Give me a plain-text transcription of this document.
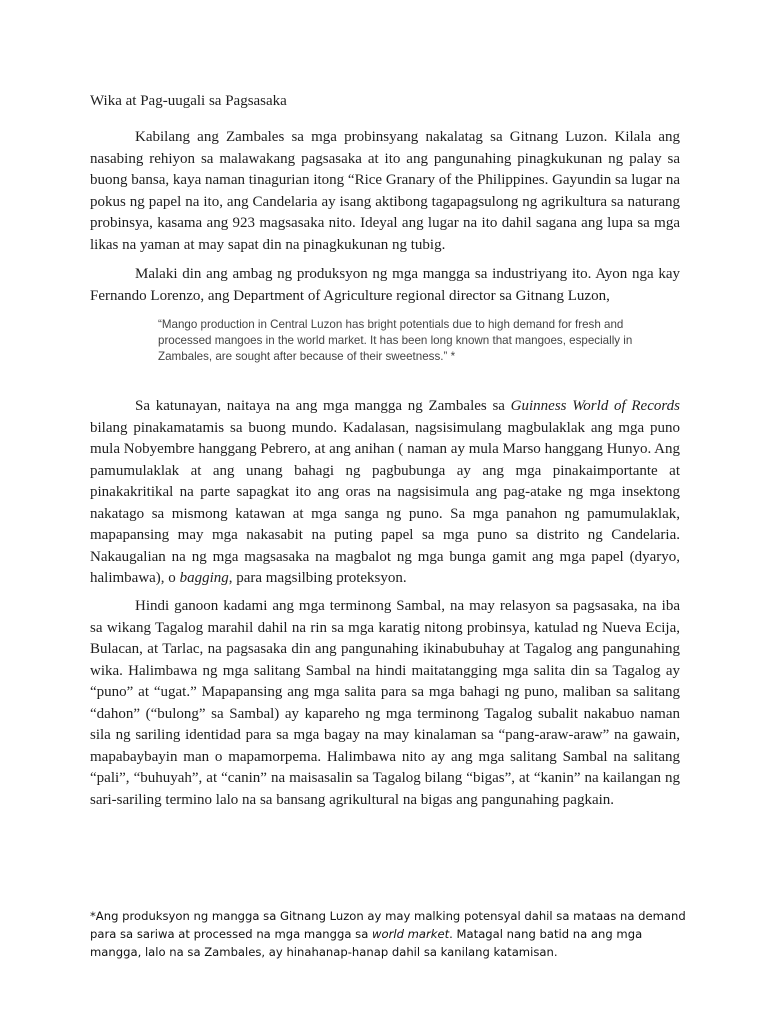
Wika at Pag-uugali sa Pagsasaka

Kabilang ang Zambales sa mga probinsyang nakalatag sa Gitnang Luzon. Kilala ang nasabing rehiyon sa malawakang pagsasaka at ito ang pangunahing pinagkukunan ng palay sa buong bansa, kaya naman tinagurian itong “Rice Granary of the Philippines. Gayundin sa lugar na pokus ng papel na ito, ang Candelaria ay isang aktibong tagapagsulong ng agrikultura sa naturang probinsya, kasama ang 923 magsasaka nito. Ideyal ang lugar na ito dahil sagana ang lupa sa mga likas na yaman at may sapat din na pinagkukunan ng tubig.

Malaki din ang ambag ng produksyon ng mga mangga sa industriyang ito. Ayon nga kay Fernando Lorenzo, ang Department of Agriculture regional director sa Gitnang Luzon,

“Mango production in Central Luzon has bright potentials due to high demand for fresh and processed mangoes in the world market. It has been long known that mangoes, especially in Zambales, are sought after because of their sweetness.” *

Sa katunayan, naitaya na ang mga mangga ng Zambales sa Guinness World of Records bilang pinakamatamis sa buong mundo. Kadalasan, nagsisimulang magbulaklak ang mga puno mula Nobyembre hanggang Pebrero, at ang anihan ( naman ay mula Marso hanggang Hunyo. Ang pamumulaklak at ang unang bahagi ng pagbubunga ay ang mga pinakaimportante at pinakakritikal na parte sapagkat ito ang oras na nagsisimula ang pag-atake ng mga insektong nakatago sa mismong katawan at mga sanga ng puno. Sa mga panahon ng pamumulaklak, mapapansing may mga nakasabit na puting papel sa mga puno sa distrito ng Candelaria. Nakaugalian na ng mga magsasaka na magbalot ng mga bunga gamit ang mga papel (dyaryo, halimbawa), o bagging, para magsilbing proteksyon.

Hindi ganoon kadami ang mga terminong Sambal, na may relasyon sa pagsasaka, na iba sa wikang Tagalog marahil dahil na rin sa mga karatig nitong probinsya, katulad ng Nueva Ecija, Bulacan, at Tarlac, na pagsasaka din ang pangunahing ikinabubuhay at Tagalog ang pangunahing wika. Halimbawa ng mga salitang Sambal na hindi maitatangging mga salita din sa Tagalog ay “puno” at “ugat.” Mapapansing ang mga salita para sa mga bahagi ng puno, maliban sa salitang “dahon” (“bulong” sa Sambal) ay kapareho ng mga terminong Tagalog subalit nakabuo naman sila ng sariling identidad para sa mga bagay na may kinalaman sa “pang-araw-araw” na gawain, mapabaybayin man o mapamorpema. Halimbawa nito ay ang mga salitang Sambal na salitang “pali”, “buhuyah”, at “canin” na maisasalin sa Tagalog bilang “bigas”, at “kanin” na kailangan ng sari-sariling termino lalo na sa bansang agrikultural na bigas ang pangunahing pagkain.

*Ang produksyon ng mangga sa Gitnang Luzon ay may malking potensyal dahil sa mataas na demand para sa sariwa at processed na mga mangga sa world market. Matagal nang batid na ang mga mangga, lalo na sa Zambales, ay hinahanap-hanap dahil sa kanilang katamisan.
